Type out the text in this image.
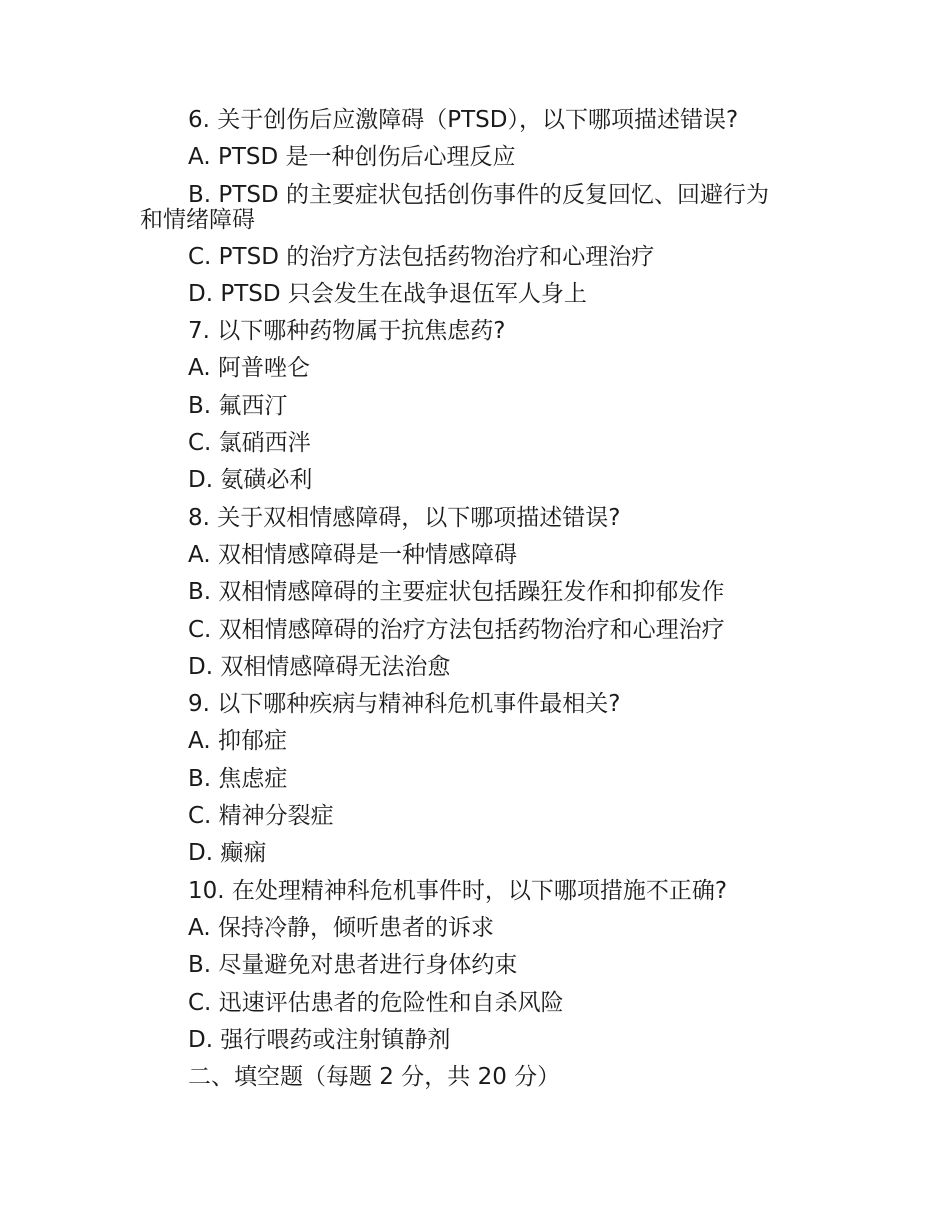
6. 关于创伤后应激障碍（PTSD），以下哪项描述错误?
A. PTSD 是一种创伤后心理反应
B. PTSD 的主要症状包括创伤事件的反复回忆、回避行为
和情绪障碍
C. PTSD 的治疗方法包括药物治疗和心理治疗
D. PTSD 只会发生在战争退伍军人身上
7. 以下哪种药物属于抗焦虑药?
A. 阿普唑仑
B. 氟西汀
C. 氯硝西泮
D. 氨磺必利
8. 关于双相情感障碍，以下哪项描述错误?
A. 双相情感障碍是一种情感障碍
B. 双相情感障碍的主要症状包括躁狂发作和抑郁发作
C. 双相情感障碍的治疗方法包括药物治疗和心理治疗
D. 双相情感障碍无法治愈
9. 以下哪种疾病与精神科危机事件最相关?
A. 抑郁症
B. 焦虑症
C. 精神分裂症
D. 癫痫
10. 在处理精神科危机事件时，以下哪项措施不正确?
A. 保持冷静，倾听患者的诉求
B. 尽量避免对患者进行身体约束
C. 迅速评估患者的危险性和自杀风险
D. 强行喂药或注射镇静剂
二、填空题（每题 2 分，共 20 分）
